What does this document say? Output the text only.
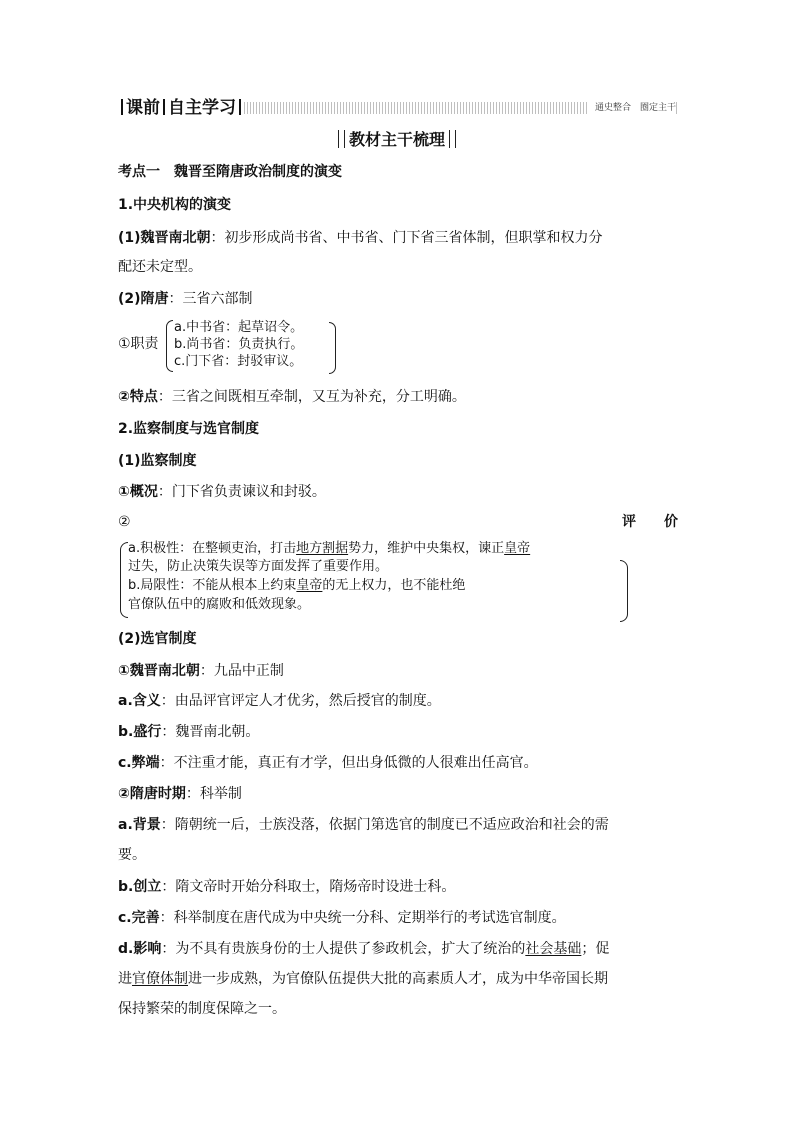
课前 自主学习	通史整合　圈定主干
教材主干梳理
考点一　 魏晋至隋唐政治制度的演变
1.中央机构的演变
(1)魏晋南北朝：初步形成尚书省、中书省、门下省三省体制，但职掌和权力分
配还未定型。
(2)隋唐：三省六部制
①职责
a.中书省：起草诏令。
b.尚书省：负责执行。
c.门下省：封驳审议。
②特点：三省之间既相互牵制，又互为补充，分工明确。
2.监察制度与选官制度
(1)监察制度
①概况：门下省负责谏议和封驳。
②	评　　价
a.积极性：在整顿吏治，打击地方割据势力，维护中央集权，谏正皇帝
过失，防止决策失误等方面发挥了重要作用。
b.局限性：不能从根本上约束皇帝的无上权力，也不能杜绝
官僚队伍中的腐败和低效现象。
(2)选官制度
①魏晋南北朝：九品中正制
a.含义：由品评官评定人才优劣，然后授官的制度。
b.盛行：魏晋南北朝。
c.弊端：不注重才能，真正有才学，但出身低微的人很难出任高官。
②隋唐时期：科举制
a.背景：隋朝统一后，士族没落，依据门第选官的制度已不适应政治和社会的需
要。
b.创立：隋文帝时开始分科取士，隋炀帝时设进士科。
c.完善：科举制度在唐代成为中央统一分科、定期举行的考试选官制度。
d.影响：为不具有贵族身份的士人提供了参政机会，扩大了统治的社会基础；促
进官僚体制进一步成熟，为官僚队伍提供大批的高素质人才，成为中华帝国长期
保持繁荣的制度保障之一。
